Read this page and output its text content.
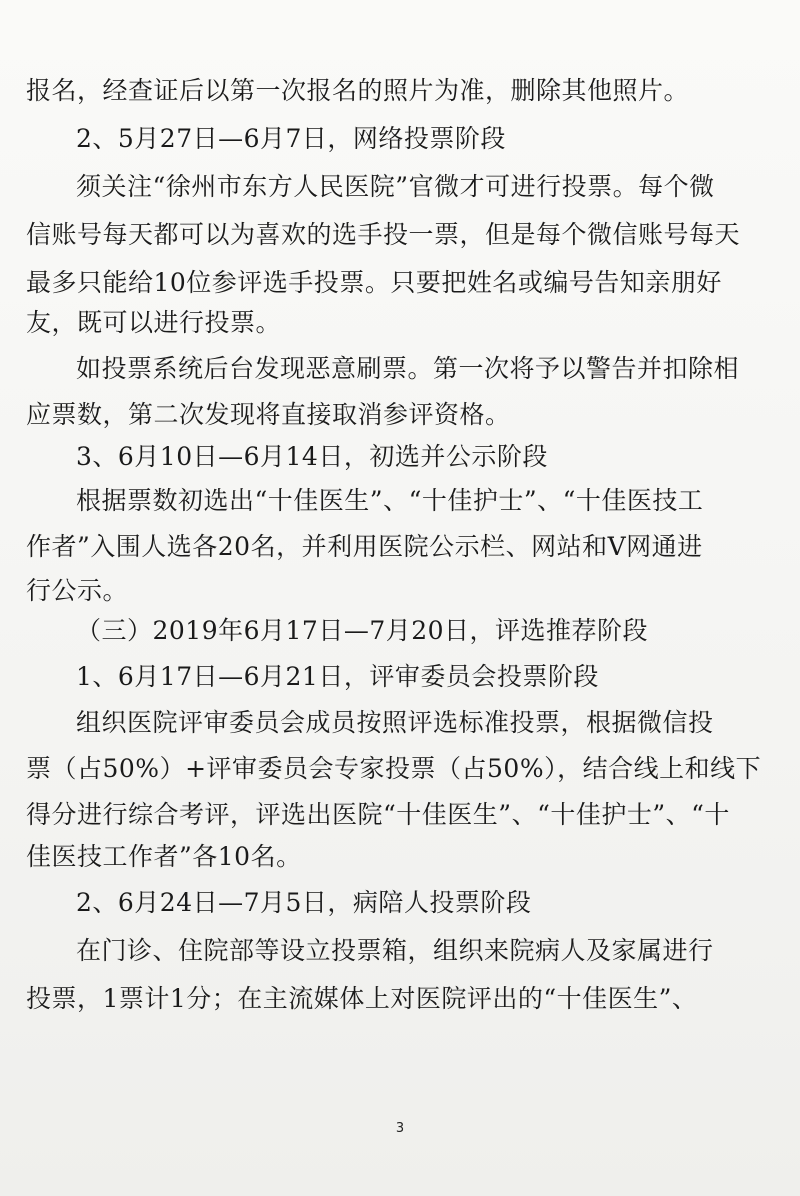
报名，经查证后以第一次报名的照片为准，删除其他照片。
2、5月27日—6月7日，网络投票阶段
须关注“徐州市东方人民医院”官微才可进行投票。每个微
信账号每天都可以为喜欢的选手投一票，但是每个微信账号每天
最多只能给10位参评选手投票。只要把姓名或编号告知亲朋好
友，既可以进行投票。
如投票系统后台发现恶意刷票。第一次将予以警告并扣除相
应票数，第二次发现将直接取消参评资格。
3、6月10日—6月14日，初选并公示阶段
根据票数初选出“十佳医生”、“十佳护士”、“十佳医技工
作者”入围人选各20名，并利用医院公示栏、网站和V网通进
行公示。
（三）2019年6月17日—7月20日，评选推荐阶段
1、6月17日—6月21日，评审委员会投票阶段
组织医院评审委员会成员按照评选标准投票，根据微信投
票（占50%）+评审委员会专家投票（占50%），结合线上和线下
得分进行综合考评，评选出医院“十佳医生”、“十佳护士”、“十
佳医技工作者”各10名。
2、6月24日—7月5日，病陪人投票阶段
在门诊、住院部等设立投票箱，组织来院病人及家属进行
投票，1票计1分；在主流媒体上对医院评出的“十佳医生”、
3
